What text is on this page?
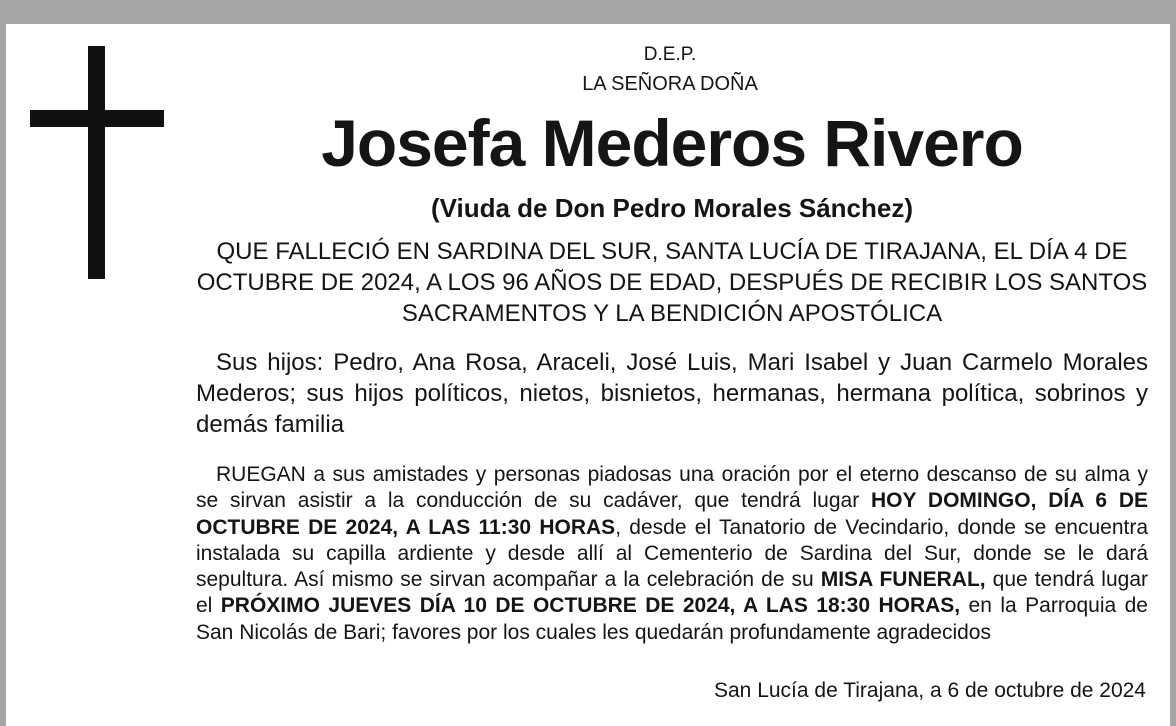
D.E.P.
LA SEÑORA DOÑA
Josefa Mederos Rivero
(Viuda de Don Pedro Morales Sánchez)
QUE FALLECIÓ EN SARDINA DEL SUR, SANTA LUCÍA DE TIRAJANA, EL DÍA 4 DE OCTUBRE DE 2024, A LOS 96 AÑOS DE EDAD, DESPUÉS DE RECIBIR LOS SANTOS SACRAMENTOS Y LA BENDICIÓN APOSTÓLICA
Sus hijos: Pedro, Ana Rosa, Araceli, José Luis, Mari Isabel y Juan Carmelo Morales Mederos; sus hijos políticos, nietos, bisnietos, hermanas, hermana política, sobrinos y demás familia
RUEGAN a sus amistades y personas piadosas una oración por el eterno descanso de su alma y se sirvan asistir a la conducción de su cadáver, que tendrá lugar HOY DOMINGO, DÍA 6 DE OCTUBRE DE 2024, A LAS 11:30 HORAS, desde el Tanatorio de Vecindario, donde se encuentra instalada su capilla ardiente y desde allí al Cementerio de Sardina del Sur, donde se le dará sepultura. Así mismo se sirvan acompañar a la celebración de su MISA FUNERAL, que tendrá lugar el PRÓXIMO JUEVES DÍA 10 DE OCTUBRE DE 2024, A LAS 18:30 HORAS, en la Parroquia de San Nicolás de Bari; favores por los cuales les quedarán profundamente agradecidos
San Lucía de Tirajana, a 6 de octubre de 2024
